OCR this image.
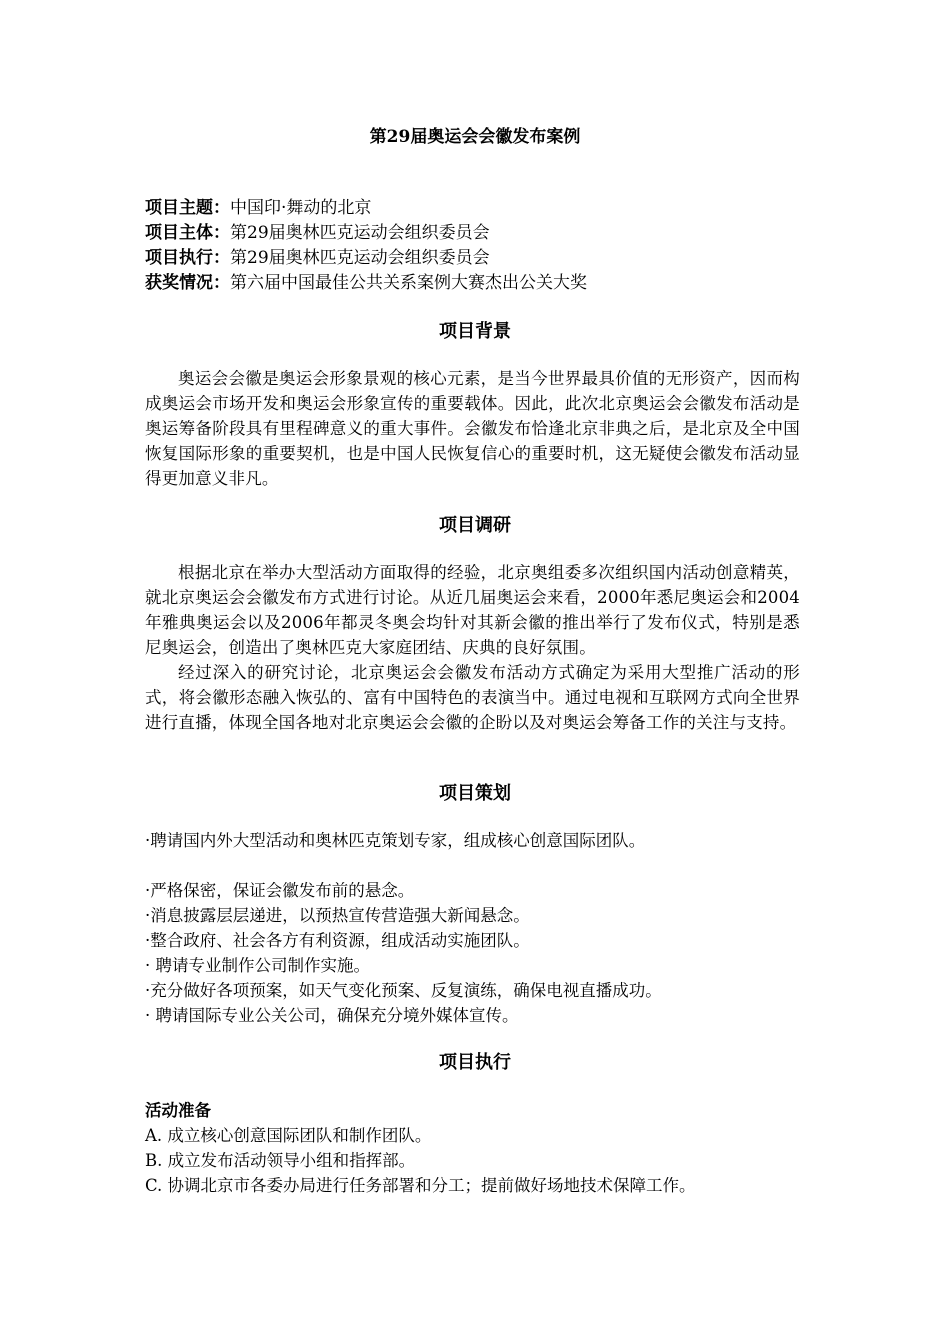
第29届奥运会会徽发布案例
项目主题：中国印·舞动的北京
项目主体：第29届奥林匹克运动会组织委员会
项目执行：第29届奥林匹克运动会组织委员会
获奖情况：第六届中国最佳公共关系案例大赛杰出公关大奖
项目背景
奥运会会徽是奥运会形象景观的核心元素，是当今世界最具价值的无形资产，因而构成奥运会市场开发和奥运会形象宣传的重要载体。因此，此次北京奥运会会徽发布活动是奥运筹备阶段具有里程碑意义的重大事件。会徽发布恰逢北京非典之后，是北京及全中国恢复国际形象的重要契机，也是中国人民恢复信心的重要时机，这无疑使会徽发布活动显得更加意义非凡。
项目调研
根据北京在举办大型活动方面取得的经验，北京奥组委多次组织国内活动创意精英，就北京奥运会会徽发布方式进行讨论。从近几届奥运会来看，2000年悉尼奥运会和2004年雅典奥运会以及2006年都灵冬奥会均针对其新会徽的推出举行了发布仪式，特别是悉尼奥运会，创造出了奥林匹克大家庭团结、庆典的良好氛围。
经过深入的研究讨论，北京奥运会会徽发布活动方式确定为采用大型推广活动的形式，将会徽形态融入恢弘的、富有中国特色的表演当中。通过电视和互联网方式向全世界进行直播，体现全国各地对北京奥运会会徽的企盼以及对奥运会筹备工作的关注与支持。
项目策划
·聘请国内外大型活动和奥林匹克策划专家，组成核心创意国际团队。
·严格保密，保证会徽发布前的悬念。
·消息披露层层递进，以预热宣传营造强大新闻悬念。
·整合政府、社会各方有利资源，组成活动实施团队。
· 聘请专业制作公司制作实施。
·充分做好各项预案，如天气变化预案、反复演练，确保电视直播成功。
· 聘请国际专业公关公司，确保充分境外媒体宣传。
项目执行
活动准备
A. 成立核心创意国际团队和制作团队。
B. 成立发布活动领导小组和指挥部。
C. 协调北京市各委办局进行任务部署和分工；提前做好场地技术保障工作。
